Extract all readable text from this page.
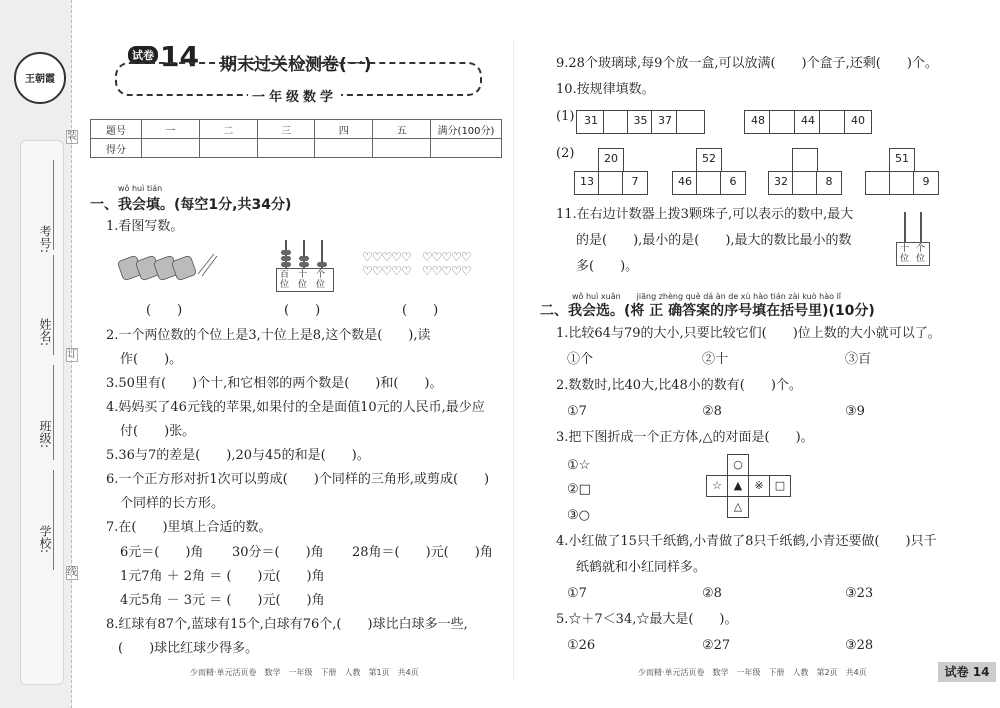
王朝霞
学校:
班级:
姓名:
考号:
装
订
线
试卷 14 期末过关检测卷(一)
一年级数学
题号	一	二	三	四	五	满分(100分)
得分						
wǒ huì tián
一、我会填。(每空1分,共34分)
1.看图写数。
百 十 个
位 位 位
♡♡♡♡♡　♡♡♡♡♡
♡♡♡♡♡　♡♡♡♡♡
(　　)	(　　)	(　　)
2.一个两位数的个位上是3,十位上是8,这个数是(　　),读
作(　　)。
3.50里有(　　)个十,和它相邻的两个数是(　　)和(　　)。
4.妈妈买了46元钱的苹果,如果付的全是面值10元的人民币,最少应
付(　　)张。
5.36与7的差是(　　),20与45的和是(　　)。
6.一个正方形对折1次可以剪成(　　)个同样的三角形,或剪成(　　)
个同样的长方形。
7.在(　　)里填上合适的数。
6元＝(　　)角 30分＝(　　)角 28角＝(　　)元(　　)角
1元7角 ＋ 2角 ＝ (　　)元(　　)角
4元5角 － 3元 ＝ (　　)元(　　)角
8.红球有87个,蓝球有15个,白球有76个,(　　)球比白球多一些,
(　　)球比红球少得多。
少而精·单元活页卷　数学　一年级　下册　人教　第1页　共4页
9.28个玻璃球,每9个放一盒,可以放满(　　)个盒子,还剩(　　)个。
10.按规律填数。
(1) 31	35 37	48	44	40
(2)	20
13	7
52
46	6	32	8
51
9
11.在右边计数器上拨3颗珠子,可以表示的数中,最大
的是(　　),最小的是(　　),最大的数比最小的数
多(　　)。
十 个
位 位
wǒ huì xuǎn　　jiāng zhèng què dá àn de xù hào tián zài kuò hào lǐ
二、我会选。(将 正 确答案的序号填在括号里)(10分)
1.比较64与79的大小,只要比较它们(　　)位上数的大小就可以了。
①个	②十	③百
2.数数时,比40大,比48小的数有(　　)个。
①7	②8	③9
3.把下图折成一个正方体,△的对面是(　　)。
①☆
②□
③○
○
☆	▲	※	□
△
4.小红做了15只千纸鹤,小青做了8只千纸鹤,小青还要做(　　)只千
纸鹤就和小红同样多。
①7	②8	③23
5.☆＋7＜34,☆最大是(　　)。
①26	②27	③28
少而精·单元活页卷　数学　一年级　下册　人教　第2页　共4页	试卷 14
